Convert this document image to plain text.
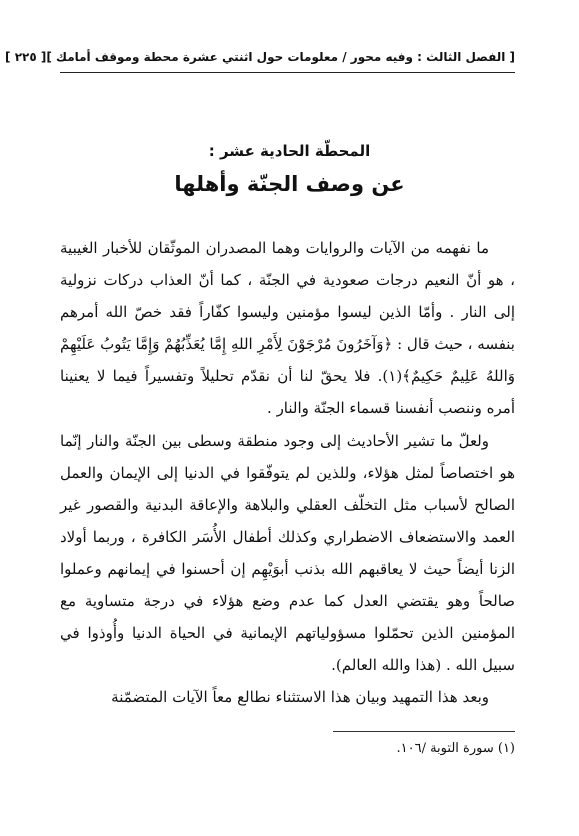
[ الفصل الثالث : وفيه محور / معلومات حول اثنتي عشرة محطة وموقف أمامك ]
[ ٢٢٥ ]
المحطّة الحادية عشر :
عن وصف الجنّة وأهلها

ما نفهمه من الآيات والروايات وهما المصدران الموثّقان للأخبار الغيبية ، هو أنّ النعيم درجات صعودية في الجنّة ، كما أنّ العذاب دركات نزولية إلى النار . وأمّا الذين ليسوا مؤمنين وليسوا كفّاراً فقد خصّ الله أمرهم بنفسه ، حيث قال : ﴿وَآخَرُونَ مُرْجَوْنَ لِأَمْرِ اللهِ إِمَّا يُعَذِّبُهُمْ وَإِمَّا يَتُوبُ عَلَيْهِمْ وَاللهُ عَلِيمٌ حَكِيمٌ﴾(١). فلا يحقّ لنا أن نقدّم تحليلاً وتفسيراً فيما لا يعنينا أمره وننصب أنفسنا قسماء الجنّة والنار .

ولعلّ ما تشير الأحاديث إلى وجود منطقة وسطى بين الجنّة والنار إنّما هو اختصاصاً لمثل هؤلاء، وللذين لم يتوفّقوا في الدنيا إلى الإيمان والعمل الصالح لأسباب مثل التخلّف العقلي والبلاهة والإعاقة البدنية والقصور غير العمد والاستضعاف الاضطراري وكذلك أطفال الأُسَر الكافرة ، وربما أولاد الزنا أيضاً حيث لا يعاقبهم الله بذنب أبوَيْهِم إن أحسنوا في إيمانهم وعملوا صالحاً وهو يقتضي العدل كما عدم وضع هؤلاء في درجة متساوية مع المؤمنين الذين تحمّلوا مسؤولياتهم الإيمانية في الحياة الدنيا وأُوذوا في سبيل الله . (هذا والله العالم).

وبعد هذا التمهيد وبيان هذا الاستثناء نطالع معاً الآيات المتضمّنة

(١) سورة التوبة /١٠٦.
